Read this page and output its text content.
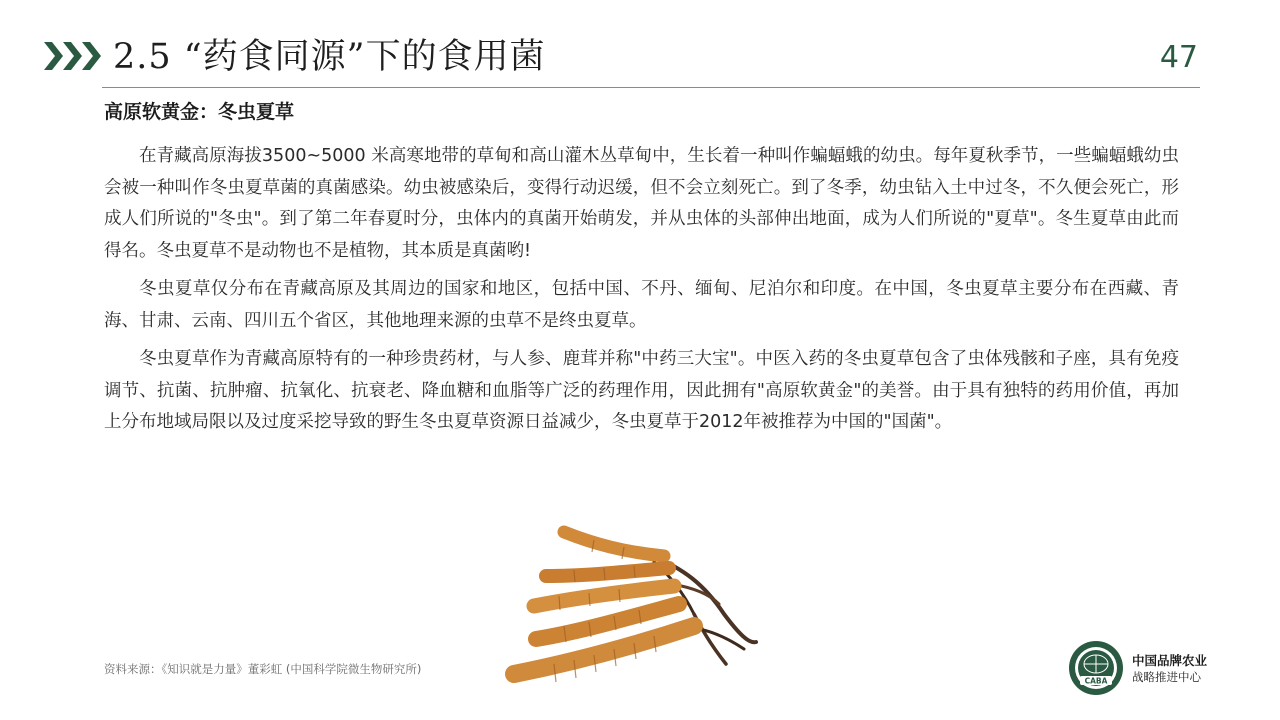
2.5 “药食同源”下的食用菌	47
高原软黄金：冬虫夏草

在青藏高原海拔3500~5000 米高寒地带的草甸和高山灌木丛草甸中，生长着一种叫作蝙蝠蛾的幼虫。每年夏秋季节，一些蝙蝠蛾幼虫会被一种叫作冬虫夏草菌的真菌感染。幼虫被感染后，变得行动迟缓，但不会立刻死亡。到了冬季，幼虫钻入土中过冬，不久便会死亡，形成人们所说的"冬虫"。到了第二年春夏时分，虫体内的真菌开始萌发，并从虫体的头部伸出地面，成为人们所说的"夏草"。冬生夏草由此而得名。冬虫夏草不是动物也不是植物，其本质是真菌哟!

冬虫夏草仅分布在青藏高原及其周边的国家和地区，包括中国、不丹、缅甸、尼泊尔和印度。在中国，冬虫夏草主要分布在西藏、青海、甘肃、云南、四川五个省区，其他地理来源的虫草不是终虫夏草。

冬虫夏草作为青藏高原特有的一种珍贵药材，与人参、鹿茸并称"中药三大宝"。中医入药的冬虫夏草包含了虫体残骸和子座，具有免疫调节、抗菌、抗肿瘤、抗氧化、抗衰老、降血糖和血脂等广泛的药理作用，因此拥有"高原软黄金"的美誉。由于具有独特的药用价值，再加上分布地域局限以及过度采挖导致的野生冬虫夏草资源日益减少，冬虫夏草于2012年被推荐为中国的"国菌"。

资料来源：《知识就是力量》董彩虹 (中国科学院微生物研究所)
CABA
中国品牌农业
战略推进中心
